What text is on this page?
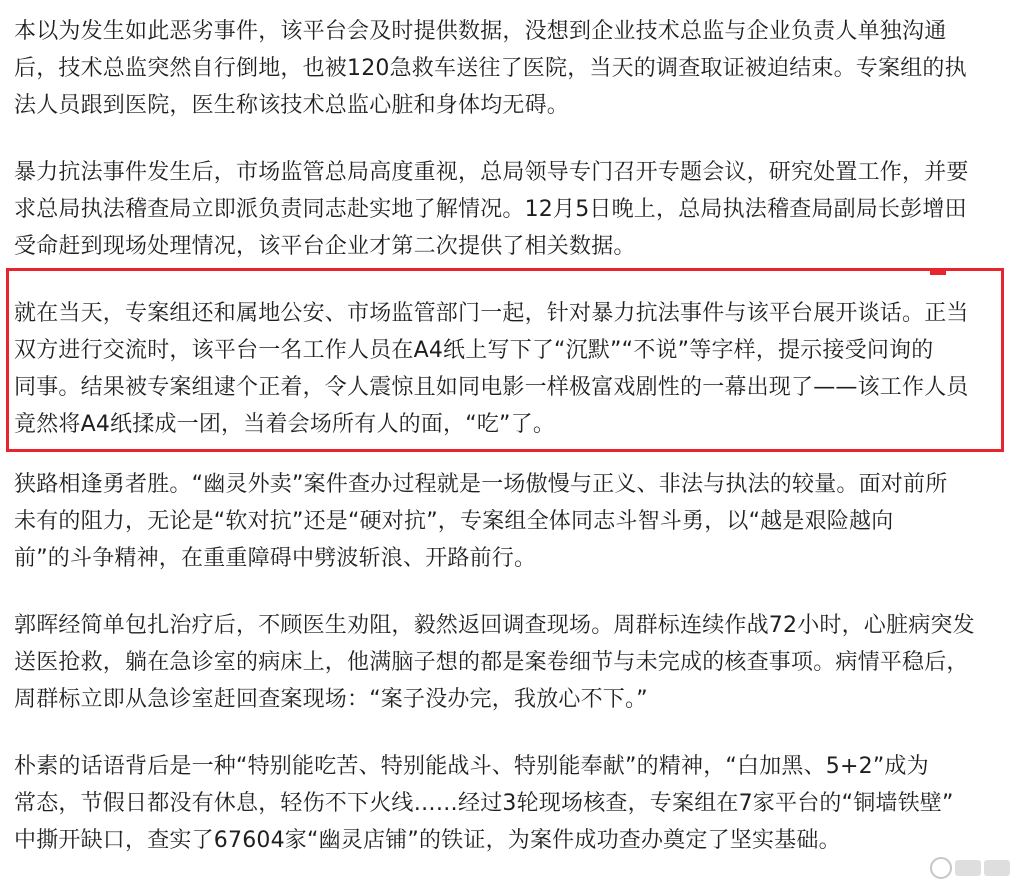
本以为发生如此恶劣事件，该平台会及时提供数据，没想到企业技术总监与企业负责人单独沟通
后，技术总监突然自行倒地，也被120急救车送往了医院，当天的调查取证被迫结束。专案组的执
法人员跟到医院，医生称该技术总监心脏和身体均无碍。

暴力抗法事件发生后，市场监管总局高度重视，总局领导专门召开专题会议，研究处置工作，并要
求总局执法稽查局立即派负责同志赴实地了解情况。12月5日晚上，总局执法稽查局副局长彭增田
受命赶到现场处理情况，该平台企业才第二次提供了相关数据。

就在当天，专案组还和属地公安、市场监管部门一起，针对暴力抗法事件与该平台展开谈话。正当
双方进行交流时，该平台一名工作人员在A4纸上写下了“沉默”“不说”等字样，提示接受问询的
同事。结果被专案组逮个正着，令人震惊且如同电影一样极富戏剧性的一幕出现了——该工作人员
竟然将A4纸揉成一团，当着会场所有人的面，“吃”了。

狭路相逢勇者胜。“幽灵外卖”案件查办过程就是一场傲慢与正义、非法与执法的较量。面对前所
未有的阻力，无论是“软对抗”还是“硬对抗”，专案组全体同志斗智斗勇，以“越是艰险越向
前”的斗争精神，在重重障碍中劈波斩浪、开路前行。

郭晖经简单包扎治疗后，不顾医生劝阻，毅然返回调查现场。周群标连续作战72小时，心脏病突发
送医抢救，躺在急诊室的病床上，他满脑子想的都是案卷细节与未完成的核查事项。病情平稳后，
周群标立即从急诊室赶回查案现场：“案子没办完，我放心不下。”

朴素的话语背后是一种“特别能吃苦、特别能战斗、特别能奉献”的精神，“白加黑、5+2”成为
常态，节假日都没有休息，轻伤不下火线……经过3轮现场核查，专案组在7家平台的“铜墙铁壁”
中撕开缺口，查实了67604家“幽灵店铺”的铁证，为案件成功查办奠定了坚实基础。
